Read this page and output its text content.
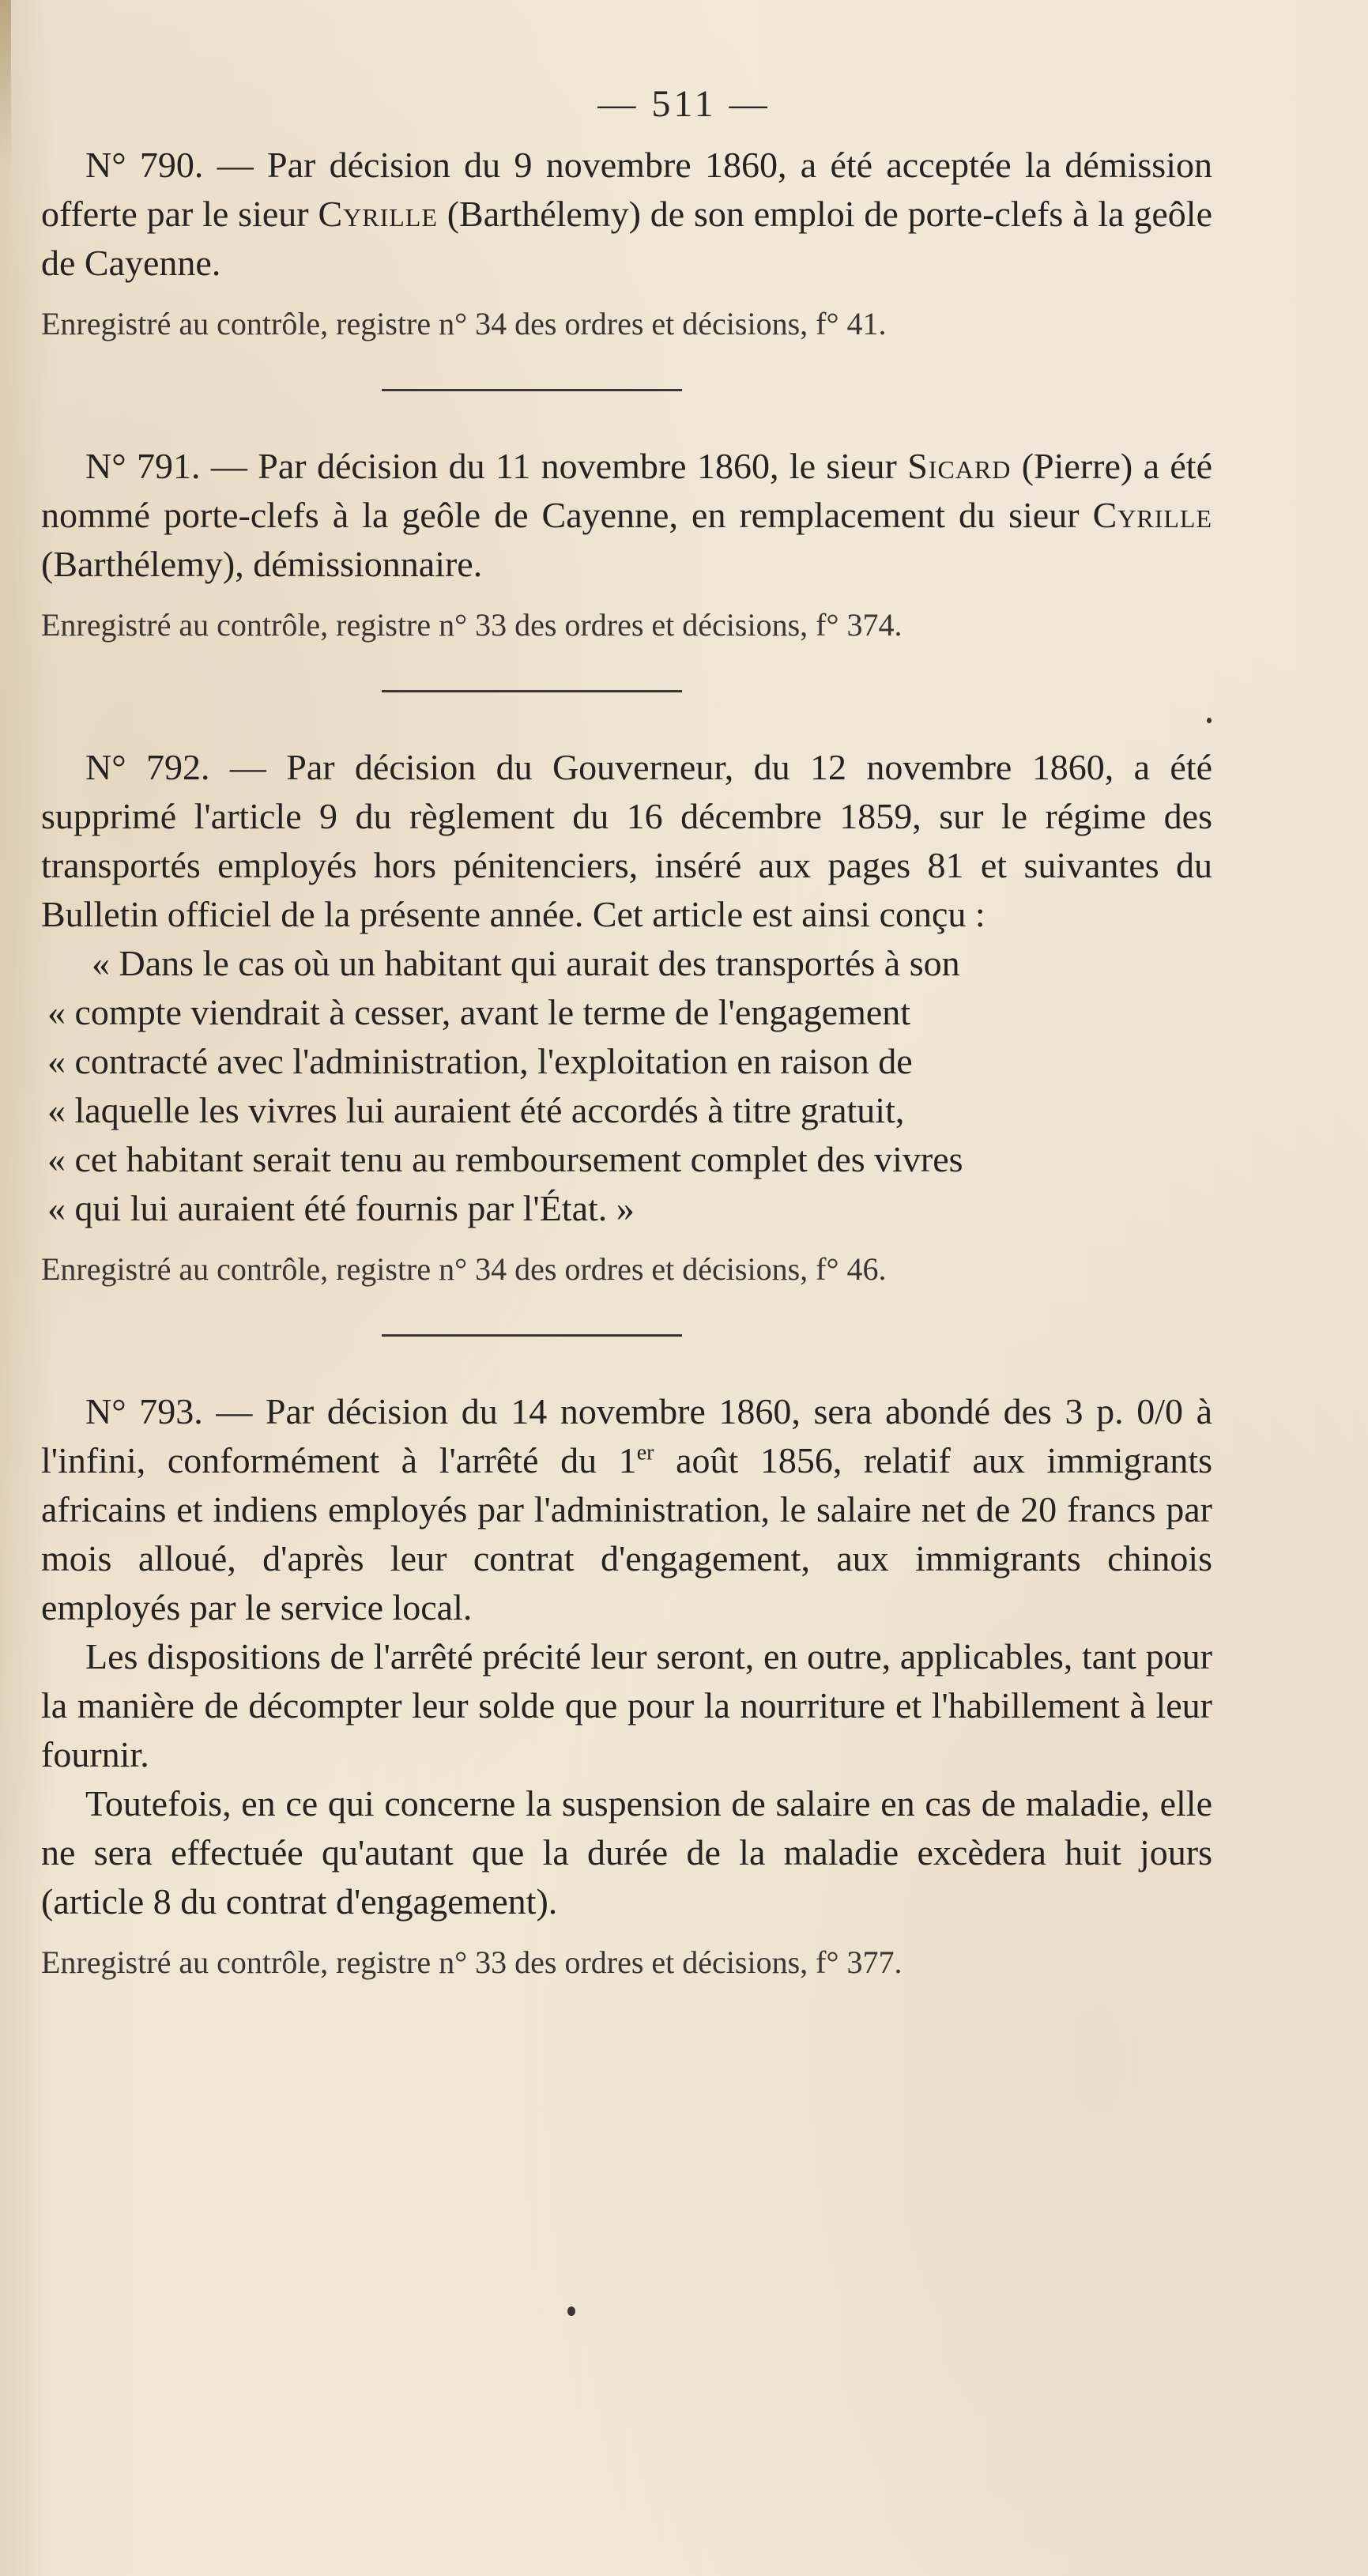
— 511 —

N° 790. — Par décision du 9 novembre 1860, a été acceptée la démission offerte par le sieur Cyrille (Barthélemy) de son emploi de porte-clefs à la geôle de Cayenne.

Enregistré au contrôle, registre n° 34 des ordres et décisions, f° 41.

N° 791. — Par décision du 11 novembre 1860, le sieur Sicard (Pierre) a été nommé porte-clefs à la geôle de Cayenne, en remplacement du sieur Cyrille (Barthélemy), démissionnaire.

Enregistré au contrôle, registre n° 33 des ordres et décisions, f° 374.

N° 792. — Par décision du Gouverneur, du 12 novembre 1860, a été supprimé l'article 9 du règlement du 16 décembre 1859, sur le régime des transportés employés hors pénitenciers, inséré aux pages 81 et suivantes du Bulletin officiel de la présente année. Cet article est ainsi conçu :

« Dans le cas où un habitant qui aurait des transportés à son

« compte viendrait à cesser, avant le terme de l'engagement

« contracté avec l'administration, l'exploitation en raison de

« laquelle les vivres lui auraient été accordés à titre gratuit,

« cet habitant serait tenu au remboursement complet des vivres

« qui lui auraient été fournis par l'État. »

Enregistré au contrôle, registre n° 34 des ordres et décisions, f° 46.

N° 793. — Par décision du 14 novembre 1860, sera abondé des 3 p. 0/0 à l'infini, conformément à l'arrêté du 1er août 1856, relatif aux immigrants africains et indiens employés par l'administration, le salaire net de 20 francs par mois alloué, d'après leur contrat d'engagement, aux immigrants chinois employés par le service local.

Les dispositions de l'arrêté précité leur seront, en outre, applicables, tant pour la manière de décompter leur solde que pour la nourriture et l'habillement à leur fournir.

Toutefois, en ce qui concerne la suspension de salaire en cas de maladie, elle ne sera effectuée qu'autant que la durée de la maladie excèdera huit jours (article 8 du contrat d'engagement).

Enregistré au contrôle, registre n° 33 des ordres et décisions, f° 377.
